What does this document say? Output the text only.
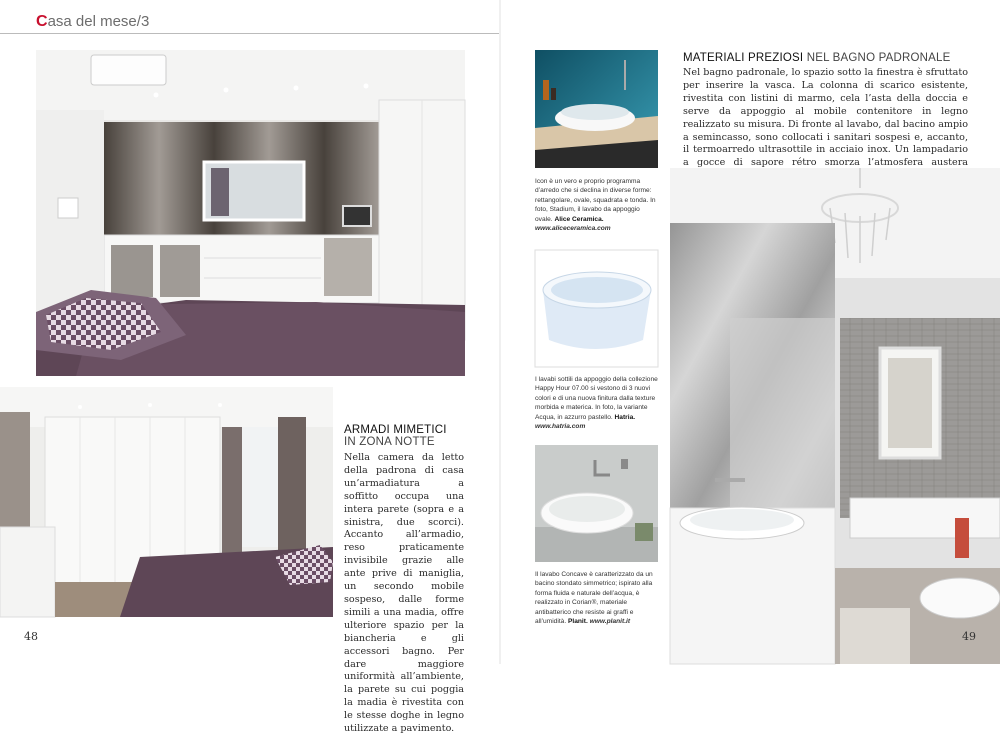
Casa del mese/3
ARMADI MIMETICI
IN ZONA NOTTE
Nella camera da letto della padrona di casa un’armadiatura a soffitto occupa una intera parete (sopra e a sinistra, due scorci). Accanto all’armadio, reso praticamente invisibile grazie alle ante prive di maniglia, un secondo mobile sospeso, dalle forme simili a una madia, offre ulteriore spazio per la biancheria e gli accessori bagno. Per dare maggiore uniformità all’ambiente, la parete su cui poggia la madia è rivestita con le stesse doghe in legno utilizzate a pavimento.
48
Icon è un vero e proprio programma d’arredo che si declina in diverse forme: rettangolare, ovale, squadrata e tonda. In foto, Stadium, il lavabo da appoggio ovale. Alice Ceramica. www.aliceceramica.com
I lavabi sottili da appoggio della collezione Happy Hour 07.00 si vestono di 3 nuovi colori e di una nuova finitura dalla texture morbida e materica. In foto, la variante Acqua, in azzurro pastello. Hatria. www.hatria.com
Il lavabo Concave è caratterizzato da un bacino stondato simmetrico; ispirato alla forma fluida e naturale dell’acqua, è realizzato in Corian®, materiale antibatterico che resiste ai graffi e all’umidità. Planit. www.planit.it
MATERIALI PREZIOSI NEL BAGNO PADRONALE
Nel bagno padronale, lo spazio sotto la finestra è sfruttato per inserire la vasca. La colonna di scarico esistente, rivestita con listini di marmo, cela l’asta della doccia e serve da appoggio al mobile contenitore in legno realizzato su misura. Di fronte al lavabo, dal bacino ampio a semincasso, sono collocati i sanitari sospesi e, accanto, il termoarredo ultrasottile in acciaio inox. Un lampadario a gocce di sapore rétro smorza l’atmosfera austera
49
